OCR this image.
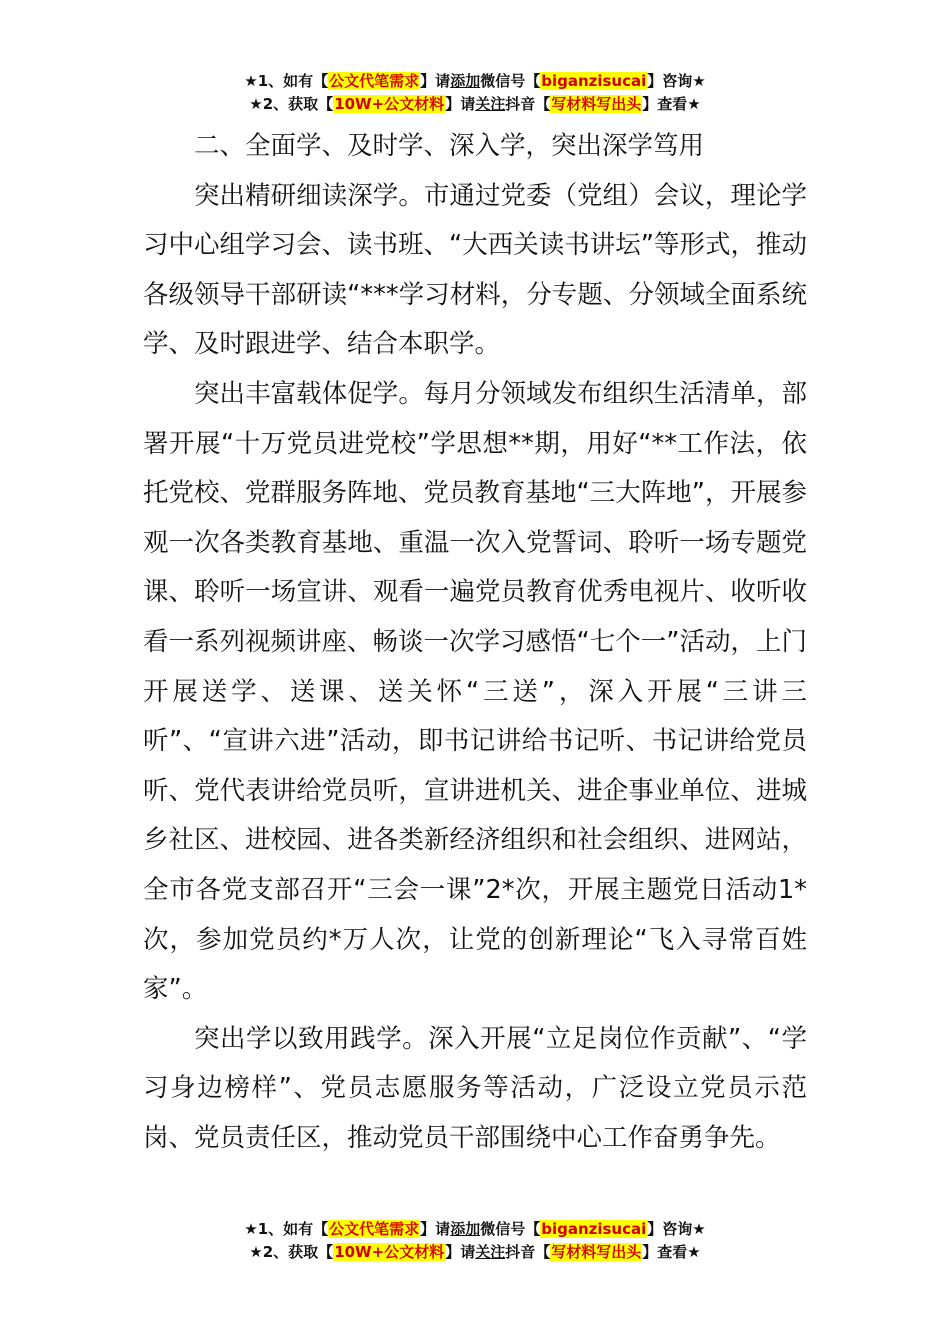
★1、如有【公文代笔需求】请添加微信号【biganzisucai】咨询★
★2、获取【10W+公文材料】请关注抖音【写材料写出头】查看★

二、全面学、及时学、深入学，突出深学笃用

突出精研细读深学。市通过党委（党组）会议，理论学习中心组学习会、读书班、“大西关读书讲坛”等形式，推动各级领导干部研读“***学习材料，分专题、分领域全面系统学、及时跟进学、结合本职学。

突出丰富载体促学。每月分领域发布组织生活清单，部署开展“十万党员进党校”学思想**期，用好“**工作法，依托党校、党群服务阵地、党员教育基地“三大阵地”，开展参观一次各类教育基地、重温一次入党誓词、聆听一场专题党课、聆听一场宣讲、观看一遍党员教育优秀电视片、收听收看一系列视频讲座、畅谈一次学习感悟“七个一”活动，上门开展送学、送课、送关怀“三送”，深入开展“三讲三听”、“宣讲六进”活动，即书记讲给书记听、书记讲给党员听、党代表讲给党员听，宣讲进机关、进企事业单位、进城乡社区、进校园、进各类新经济组织和社会组织、进网站，全市各党支部召开“三会一课”2*次，开展主题党日活动1*次，参加党员约*万人次，让党的创新理论“飞入寻常百姓家”。

突出学以致用践学。深入开展“立足岗位作贡献”、“学习身边榜样”、党员志愿服务等活动，广泛设立党员示范岗、党员责任区，推动党员干部围绕中心工作奋勇争先。

★1、如有【公文代笔需求】请添加微信号【biganzisucai】咨询★
★2、获取【10W+公文材料】请关注抖音【写材料写出头】查看★
